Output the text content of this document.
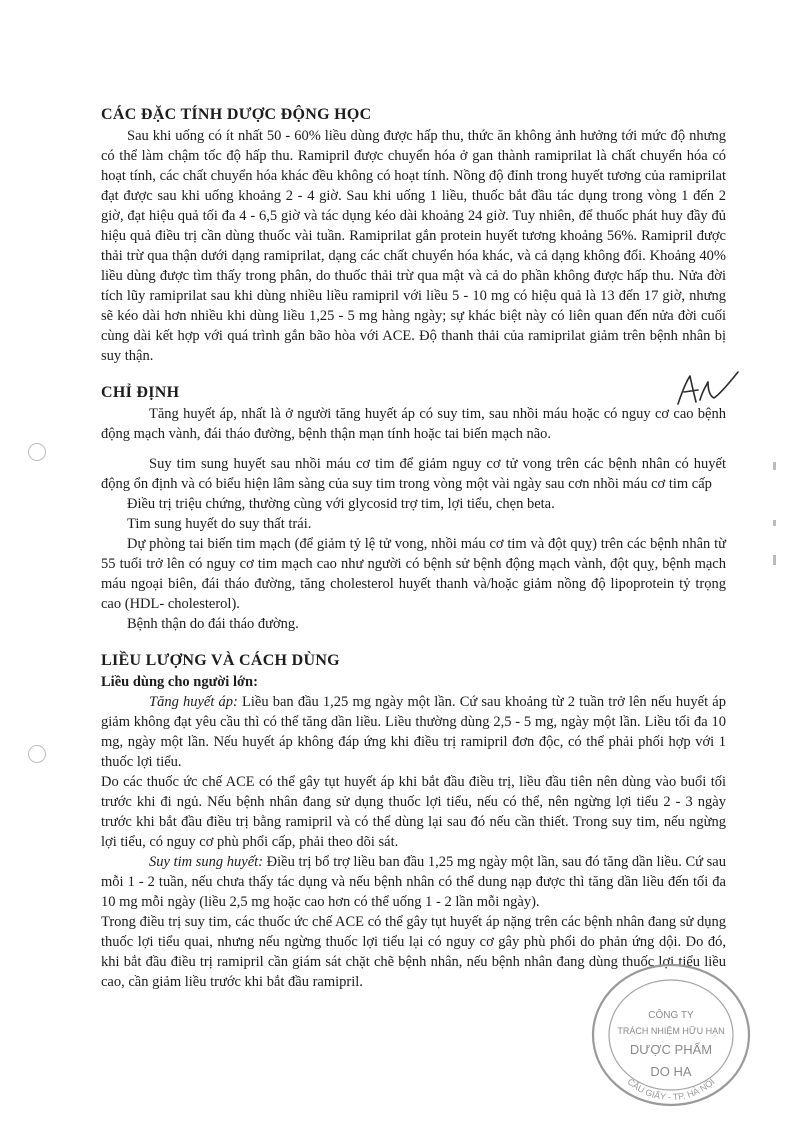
CÁC ĐẶC TÍNH DƯỢC ĐỘNG HỌC

Sau khi uống có ít nhất 50 - 60% liều dùng được hấp thu, thức ăn không ảnh hưởng tới mức độ nhưng có thể làm chậm tốc độ hấp thu. Ramipril được chuyển hóa ở gan thành ramiprilat là chất chuyển hóa có hoạt tính, các chất chuyển hóa khác đều không có hoạt tính. Nồng độ đỉnh trong huyết tương của ramiprilat đạt được sau khi uống khoảng 2 - 4 giờ. Sau khi uống 1 liều, thuốc bắt đầu tác dụng trong vòng 1 đến 2 giờ, đạt hiệu quả tối đa 4 - 6,5 giờ và tác dụng kéo dài khoảng 24 giờ. Tuy nhiên, để thuốc phát huy đầy đủ hiệu quả điều trị cần dùng thuốc vài tuần. Ramiprilat gắn protein huyết tương khoảng 56%. Ramipril được thải trừ qua thận dưới dạng ramiprilat, dạng các chất chuyển hóa khác, và cả dạng không đổi. Khoảng 40% liều dùng được tìm thấy trong phân, do thuốc thải trừ qua mật và cả do phần không được hấp thu. Nửa đời tích lũy ramiprilat sau khi dùng nhiều liều ramipril với liều 5 - 10 mg có hiệu quả là 13 đến 17 giờ, nhưng sẽ kéo dài hơn nhiều khi dùng liều 1,25 - 5 mg hàng ngày; sự khác biệt này có liên quan đến nửa đời cuối cùng dài kết hợp với quá trình gắn bão hòa với ACE. Độ thanh thải của ramiprilat giảm trên bệnh nhân bị suy thận.

CHỈ ĐỊNH

Tăng huyết áp, nhất là ở người tăng huyết áp có suy tim, sau nhồi máu hoặc có nguy cơ cao bệnh động mạch vành, đái tháo đường, bệnh thận mạn tính hoặc tai biến mạch não.

Suy tim sung huyết sau nhồi máu cơ tim để giảm nguy cơ tử vong trên các bệnh nhân có huyết động ổn định và có biểu hiện lâm sàng của suy tim trong vòng một vài ngày sau cơn nhồi máu cơ tim cấp

Điều trị triệu chứng, thường cùng với glycosid trợ tim, lợi tiểu, chẹn beta.

Tim sung huyết do suy thất trái.

Dự phòng tai biến tim mạch (để giảm tỷ lệ tử vong, nhồi máu cơ tim và đột quỵ) trên các bệnh nhân từ 55 tuổi trở lên có nguy cơ tim mạch cao như người có bệnh sử bệnh động mạch vành, đột quỵ, bệnh mạch máu ngoại biên, đái tháo đường, tăng cholesterol huyết thanh và/hoặc giảm nồng độ lipoprotein tỷ trọng cao (HDL- cholesterol).

Bệnh thận do đái tháo đường.

LIỀU LƯỢNG VÀ CÁCH DÙNG
Liều dùng cho người lớn:

Tăng huyết áp: Liều ban đầu 1,25 mg ngày một lần. Cứ sau khoảng từ 2 tuần trở lên nếu huyết áp giảm không đạt yêu cầu thì có thể tăng dần liều. Liều thường dùng 2,5 - 5 mg, ngày một lần. Liều tối đa 10 mg, ngày một lần. Nếu huyết áp không đáp ứng khi điều trị ramipril đơn độc, có thể phải phối hợp với 1 thuốc lợi tiểu.

Do các thuốc ức chế ACE có thể gây tụt huyết áp khi bắt đầu điều trị, liều đầu tiên nên dùng vào buổi tối trước khi đi ngủ. Nếu bệnh nhân đang sử dụng thuốc lợi tiểu, nếu có thể, nên ngừng lợi tiểu 2 - 3 ngày trước khi bắt đầu điều trị bằng ramipril và có thể dùng lại sau đó nếu cần thiết. Trong suy tim, nếu ngừng lợi tiểu, có nguy cơ phù phổi cấp, phải theo dõi sát.

Suy tim sung huyết: Điều trị bổ trợ liều ban đầu 1,25 mg ngày một lần, sau đó tăng dần liều. Cứ sau mỗi 1 - 2 tuần, nếu chưa thấy tác dụng và nếu bệnh nhân có thể dung nạp được thì tăng dần liều đến tối đa 10 mg mỗi ngày (liều 2,5 mg hoặc cao hơn có thể uống 1 - 2 lần mỗi ngày).

Trong điều trị suy tim, các thuốc ức chế ACE có thể gây tụt huyết áp nặng trên các bệnh nhân đang sử dụng thuốc lợi tiểu quai, nhưng nếu ngừng thuốc lợi tiểu lại có nguy cơ gây phù phổi do phản ứng dội. Do đó, khi bắt đầu điều trị ramipril cần giám sát chặt chẽ bệnh nhân, nếu bệnh nhân đang dùng thuốc lợi tiểu liều cao, cần giảm liều trước khi bắt đầu ramipril.

CÔNG TY
TRÁCH NHIỆM HỮU HẠN
DƯỢC PHẨM
DO HA
CẦU GIẤY - TP. HÀ NỘI
